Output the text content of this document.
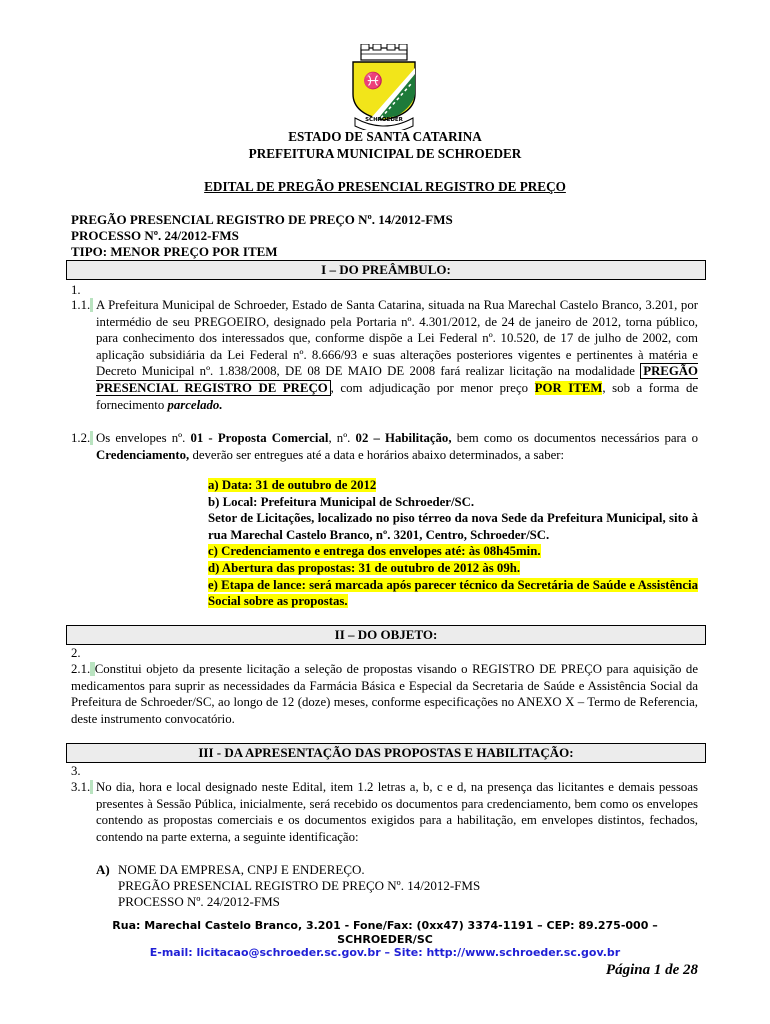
♓
SCHROEDER
ESTADO DE SANTA CATARINA
PREFEITURA MUNICIPAL DE SCHROEDER
EDITAL DE PREGÃO PRESENCIAL REGISTRO DE PREÇO
PREGÃO PRESENCIAL REGISTRO DE PREÇO Nº. 14/2012-FMS
PROCESSO Nº. 24/2012-FMS
TIPO: MENOR PREÇO POR ITEM
I – DO PREÂMBULO:
1.
1.1. A Prefeitura Municipal de Schroeder, Estado de Santa Catarina, situada na Rua Marechal Castelo Branco, 3.201, por intermédio de seu PREGOEIRO, designado pela Portaria nº. 4.301/2012, de 24 de janeiro de 2012, torna público, para conhecimento dos interessados que, conforme dispõe a Lei Federal nº. 10.520, de 17 de julho de 2002, com aplicação subsidiária da Lei Federal nº. 8.666/93 e suas alterações posteriores vigentes e pertinentes à matéria e Decreto Municipal nº. 1.838/2008, DE 08 DE MAIO DE 2008 fará realizar licitação na modalidade PREGÃO PRESENCIAL REGISTRO DE PREÇO , com adjudicação por menor preço POR ITEM, sob a forma de fornecimento parcelado.
1.2. Os envelopes nº. 01 - Proposta Comercial, nº. 02 – Habilitação, bem como os documentos necessários para o Credenciamento, deverão ser entregues até a data e horários abaixo determinados, a saber:
a) Data: 31 de outubro de 2012
b) Local: Prefeitura Municipal de Schroeder/SC.
Setor de Licitações, localizado no piso térreo da nova Sede da Prefeitura Municipal, sito à rua Marechal Castelo Branco, nº. 3201, Centro, Schroeder/SC.
c) Credenciamento e entrega dos envelopes até: às 08h45min.
d) Abertura das propostas: 31 de outubro de 2012 às 09h.
e) Etapa de lance: será marcada após parecer técnico da Secretária de Saúde e Assistência Social sobre as propostas.
II – DO OBJETO:
2.
2.1. Constitui objeto da presente licitação a seleção de propostas visando o REGISTRO DE PREÇO para aquisição de medicamentos para suprir as necessidades da Farmácia Básica e Especial da Secretaria de Saúde e Assistência Social da Prefeitura de Schroeder/SC, ao longo de 12 (doze) meses, conforme especificações no ANEXO X – Termo de Referencia, deste instrumento convocatório.
III - DA APRESENTAÇÃO DAS PROPOSTAS E HABILITAÇÃO:
3.
3.1. No dia, hora e local designado neste Edital, item 1.2 letras a, b, c e d, na presença das licitantes e demais pessoas presentes à Sessão Pública, inicialmente, será recebido os documentos para credenciamento, bem como os envelopes contendo as propostas comerciais e os documentos exigidos para a habilitação, em envelopes distintos, fechados, contendo na parte externa, a seguinte identificação:
A) NOME DA EMPRESA, CNPJ E ENDEREÇO.
PREGÃO PRESENCIAL REGISTRO DE PREÇO Nº. 14/2012-FMS
PROCESSO Nº. 24/2012-FMS
Rua: Marechal Castelo Branco, 3.201 - Fone/Fax: (0xx47) 3374-1191 – CEP: 89.275-000 –
SCHROEDER/SC
E-mail: licitacao@schroeder.sc.gov.br – Site: http://www.schroeder.sc.gov.br
Página 1 de 28
